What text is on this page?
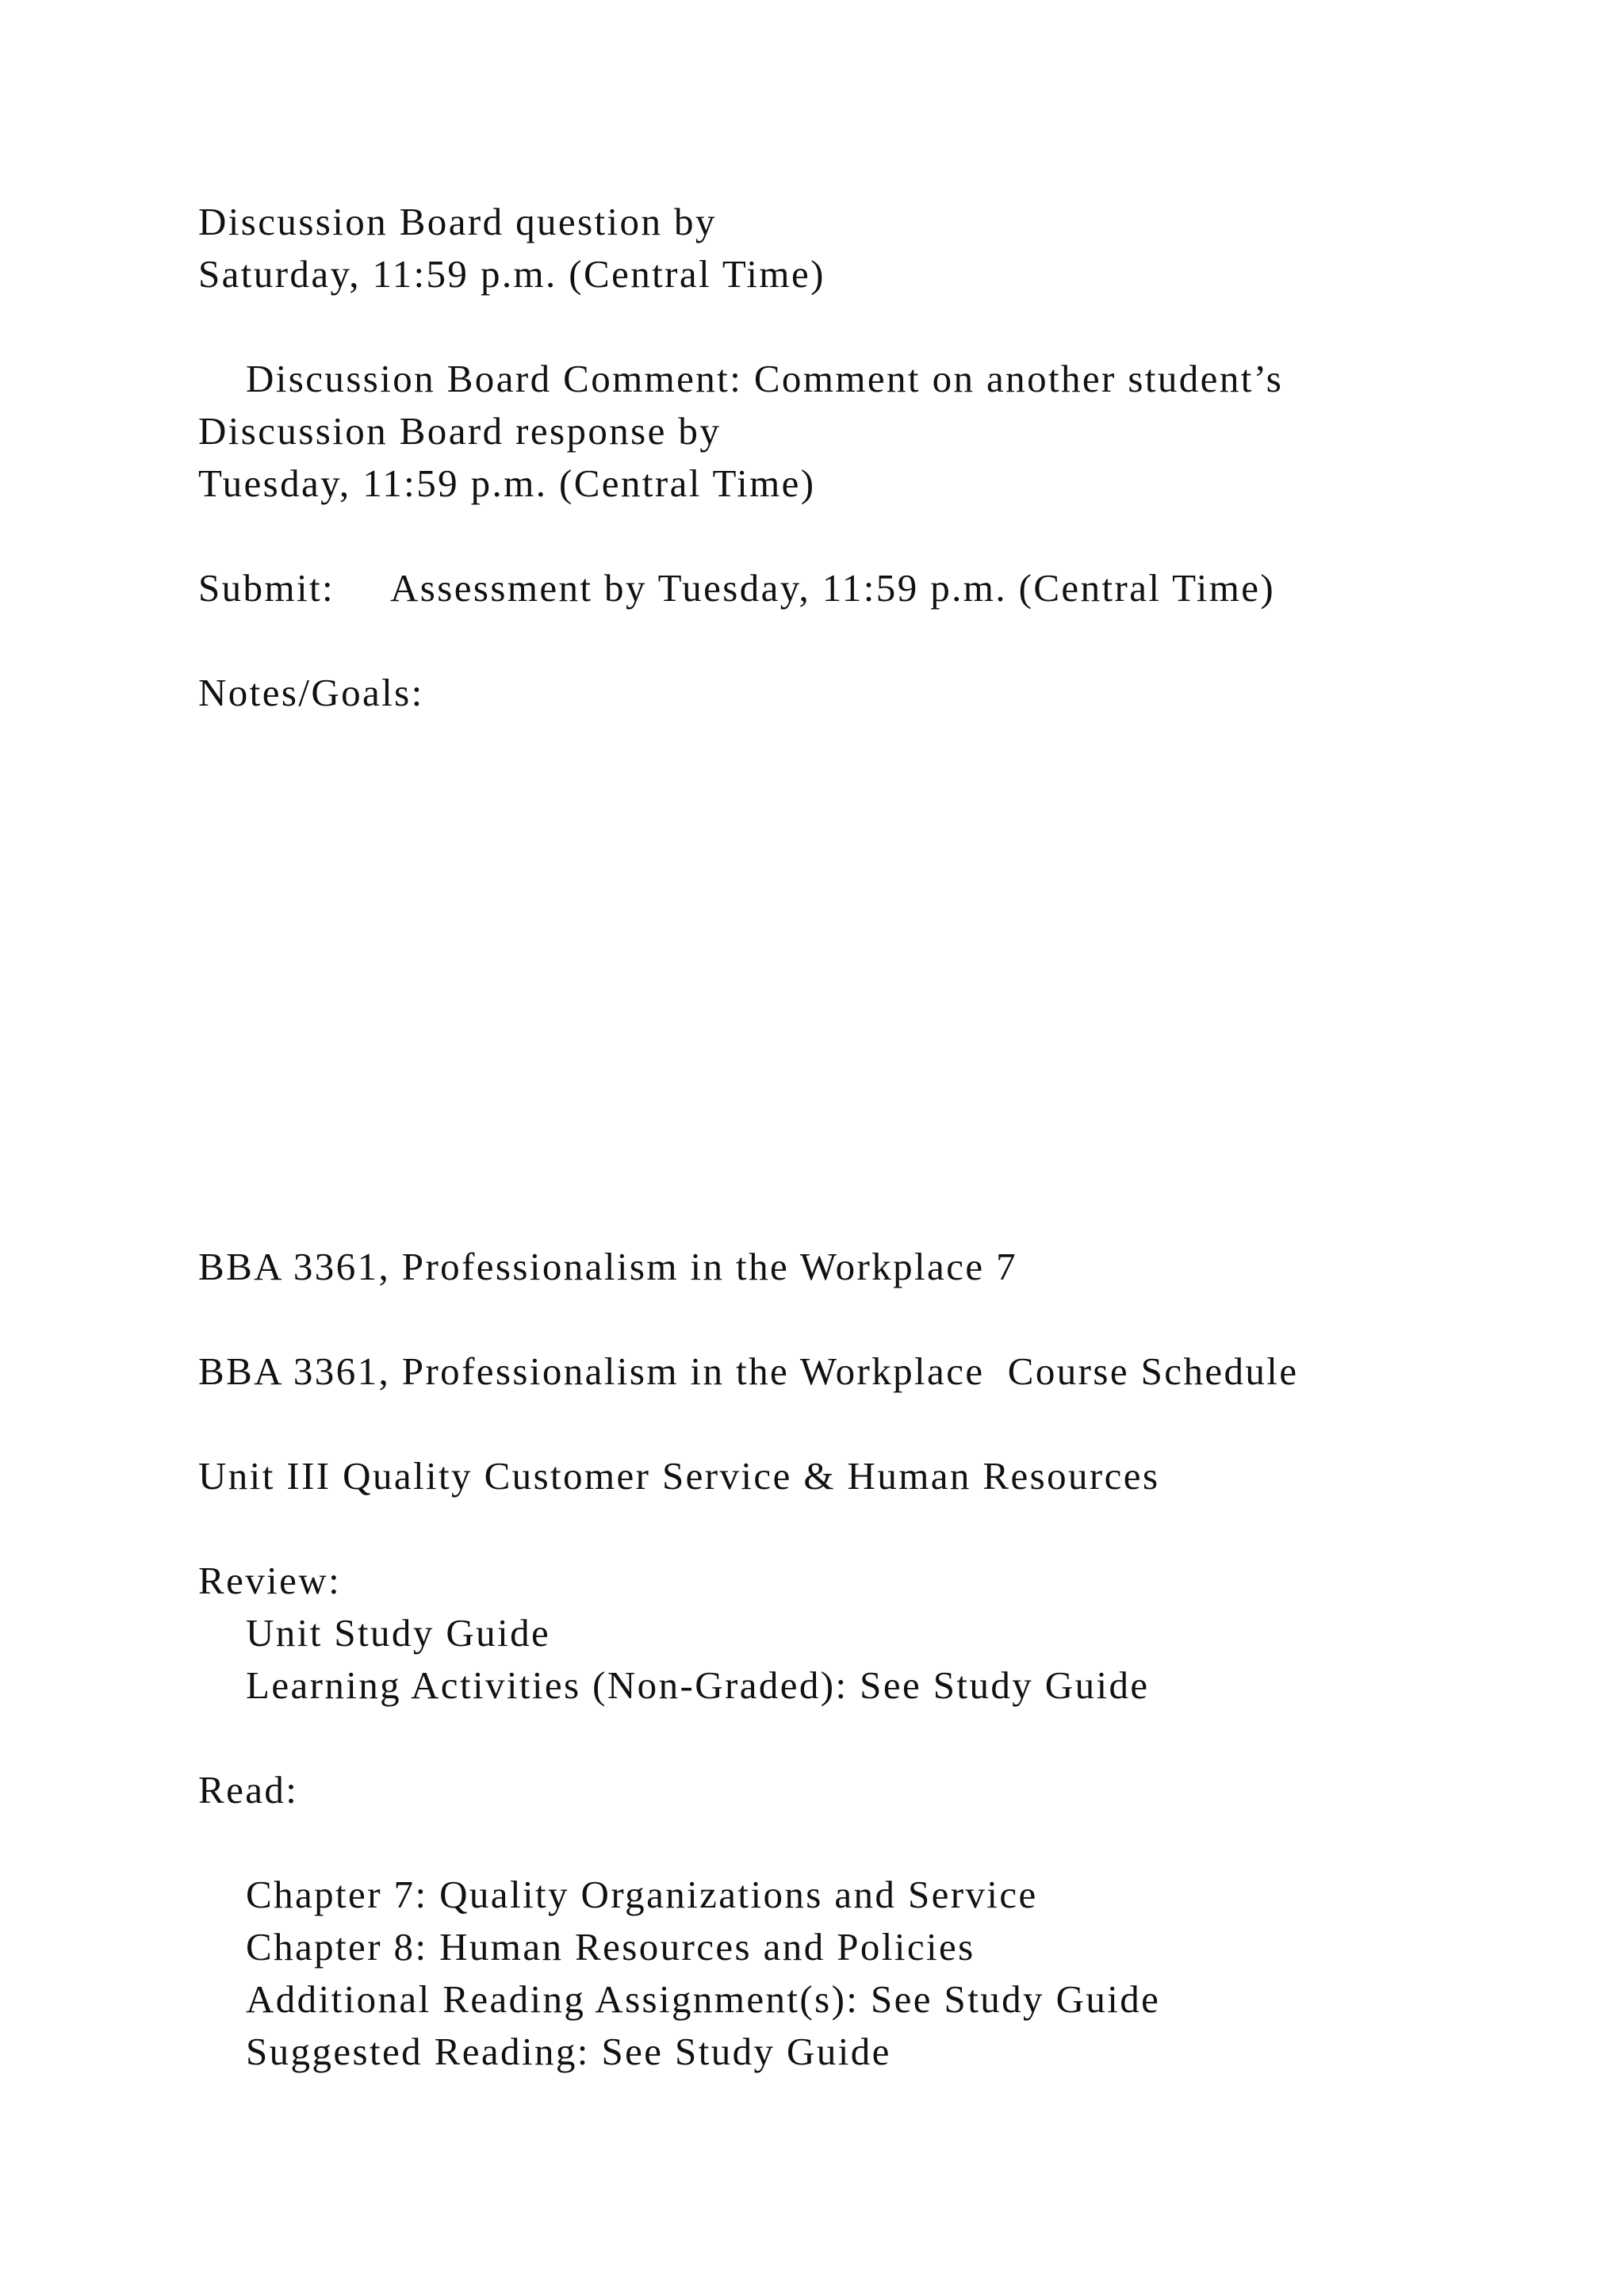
Discussion Board question by
Saturday, 11:59 p.m. (Central Time)
Discussion Board Comment: Comment on another student’s
Discussion Board response by
Tuesday, 11:59 p.m. (Central Time)
Submit: Assessment by Tuesday, 11:59 p.m. (Central Time)
Notes/Goals:
BBA 3361, Professionalism in the Workplace 7
BBA 3361, Professionalism in the Workplace  Course Schedule
Unit III Quality Customer Service & Human Resources
Review:
Unit Study Guide
Learning Activities (Non-Graded): See Study Guide
Read:
Chapter 7: Quality Organizations and Service
Chapter 8: Human Resources and Policies
Additional Reading Assignment(s): See Study Guide
Suggested Reading: See Study Guide
